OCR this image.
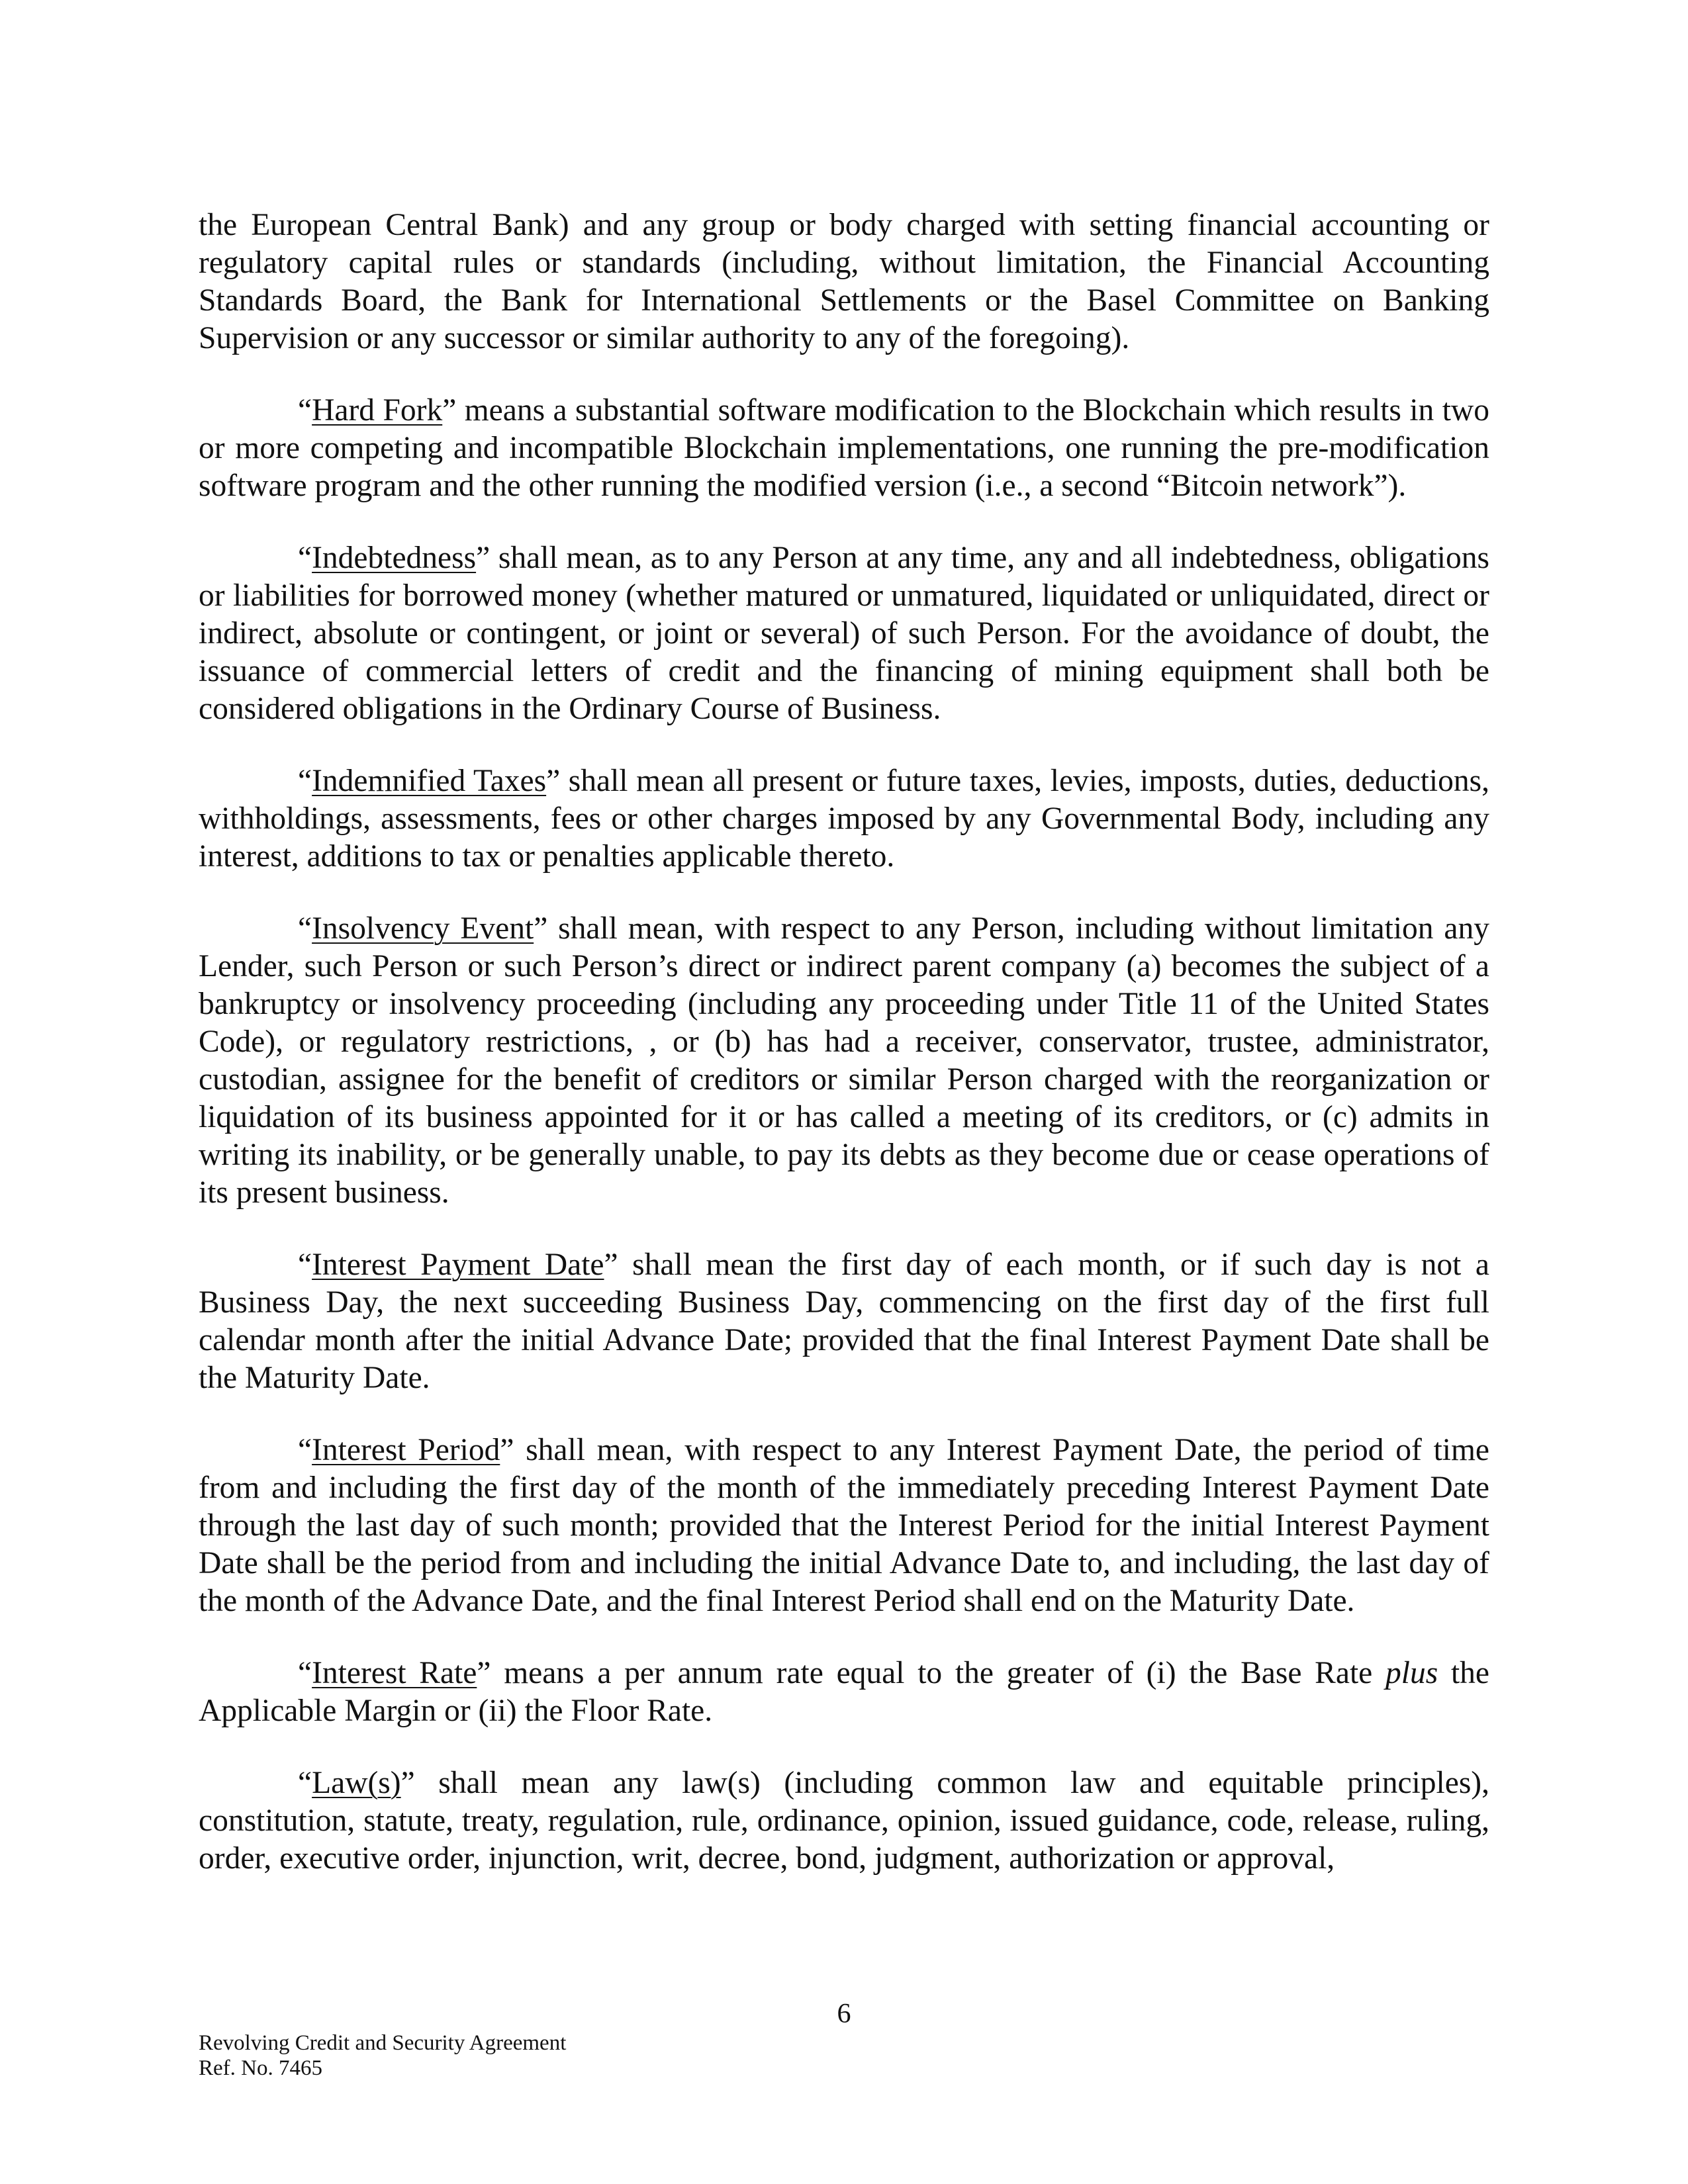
the European Central Bank) and any group or body charged with setting financial accounting or regulatory capital rules or standards (including, without limitation, the Financial Accounting Standards Board, the Bank for International Settlements or the Basel Committee on Banking Supervision or any successor or similar authority to any of the foregoing).

“Hard Fork” means a substantial software modification to the Blockchain which results in two or more competing and incompatible Blockchain implementations, one running the pre-modification software program and the other running the modified version (i.e., a second “Bitcoin network”).

“Indebtedness” shall mean, as to any Person at any time, any and all indebtedness, obligations or liabilities for borrowed money (whether matured or unmatured, liquidated or unliquidated, direct or indirect, absolute or contingent, or joint or several) of such Person. For the avoidance of doubt, the issuance of commercial letters of credit and the financing of mining equipment shall both be considered obligations in the Ordinary Course of Business.

“Indemnified Taxes” shall mean all present or future taxes, levies, imposts, duties, deductions, withholdings, assessments, fees or other charges imposed by any Governmental Body, including any interest, additions to tax or penalties applicable thereto.

“Insolvency Event” shall mean, with respect to any Person, including without limitation any Lender, such Person or such Person’s direct or indirect parent company (a) becomes the subject of a bankruptcy or insolvency proceeding (including any proceeding under Title 11 of the United States Code), or regulatory restrictions, , or (b) has had a receiver, conservator, trustee, administrator, custodian, assignee for the benefit of creditors or similar Person charged with the reorganization or liquidation of its business appointed for it or has called a meeting of its creditors, or (c) admits in writing its inability, or be generally unable, to pay its debts as they become due or cease operations of its present business.

“Interest Payment Date” shall mean the first day of each month, or if such day is not a Business Day, the next succeeding Business Day, commencing on the first day of the first full calendar month after the initial Advance Date; provided that the final Interest Payment Date shall be the Maturity Date.

“Interest Period” shall mean, with respect to any Interest Payment Date, the period of time from and including the first day of the month of the immediately preceding Interest Payment Date through the last day of such month; provided that the Interest Period for the initial Interest Payment Date shall be the period from and including the initial Advance Date to, and including, the last day of the month of the Advance Date, and the final Interest Period shall end on the Maturity Date.

“Interest Rate” means a per annum rate equal to the greater of (i) the Base Rate plus the Applicable Margin or (ii) the Floor Rate.

“Law(s)” shall mean any law(s) (including common law and equitable principles), constitution, statute, treaty, regulation, rule, ordinance, opinion, issued guidance, code, release, ruling, order, executive order, injunction, writ, decree, bond, judgment, authorization or approval,

6
Revolving Credit and Security Agreement
Ref. No. 7465
